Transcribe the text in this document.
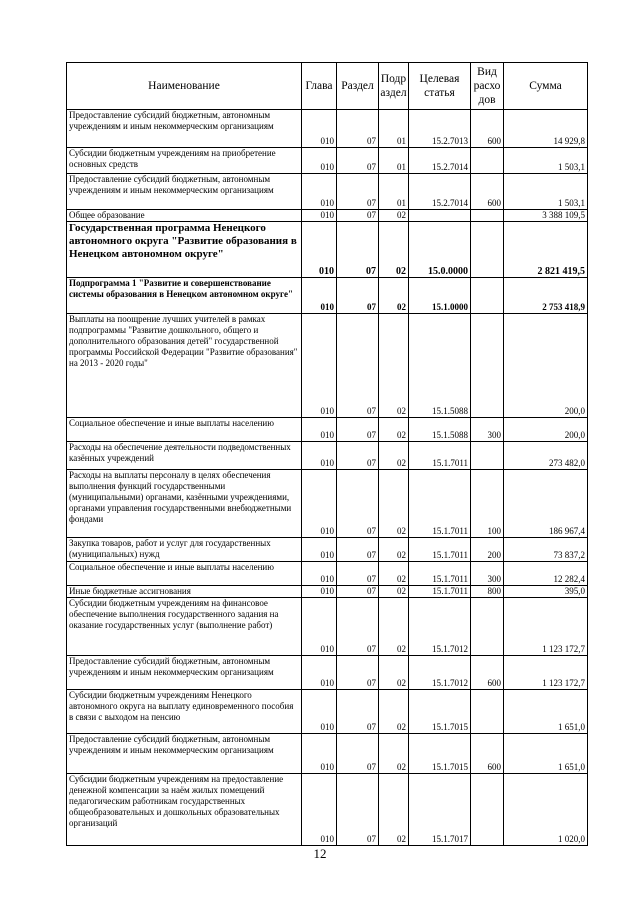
Наименование	Глава	Раздел	Подр аздел	Целевая статья	Вид расхо дов	Сумма
Предоставление субсидий бюджетным, автономным учреждениям и иным некоммерческим организациям	010	07	01	15.2.7013	600	14 929,8
Субсидии бюджетным учреждениям на приобретение основных средств	010	07	01	15.2.7014		1 503,1
Предоставление субсидий бюджетным, автономным учреждениям и иным некоммерческим организациям	010	07	01	15.2.7014	600	1 503,1
Общее образование	010	07	02			3 388 109,5
Государственная программа Ненецкого автономного округа "Развитие образования в Ненецком автономном округе"	010	07	02	15.0.0000		2 821 419,5
Подпрограмма 1 "Развитие и совершенствование системы образования в Ненецком автономном округе"	010	07	02	15.1.0000		2 753 418,9
Выплаты на поощрение лучших учителей в рамках подпрограммы "Развитие дошкольного, общего и дополнительного образования детей" государственной программы Российской Федерации "Развитие образования" на 2013 - 2020 годы"	010	07	02	15.1.5088		200,0
Социальное обеспечение и иные выплаты населению	010	07	02	15.1.5088	300	200,0
Расходы на обеспечение деятельности подведомственных казённых учреждений	010	07	02	15.1.7011		273 482,0
Расходы на выплаты персоналу в целях обеспечения выполнения функций государственными (муниципальными) органами, казёнными учреждениями, органами управления государственными внебюджетными фондами	010	07	02	15.1.7011	100	186 967,4
Закупка товаров, работ и услуг для государственных (муниципальных) нужд	010	07	02	15.1.7011	200	73 837,2
Социальное обеспечение и иные выплаты населению	010	07	02	15.1.7011	300	12 282,4
Иные бюджетные ассигнования	010	07	02	15.1.7011	800	395,0
Субсидии бюджетным учреждениям на финансовое обеспечение выполнения государственного задания на оказание государственных услуг (выполнение работ)	010	07	02	15.1.7012		1 123 172,7
Предоставление субсидий бюджетным, автономным учреждениям и иным некоммерческим организациям	010	07	02	15.1.7012	600	1 123 172,7
Субсидии бюджетным учреждениям Ненецкого автономного округа на выплату единовременного пособия в связи с выходом на пенсию	010	07	02	15.1.7015		1 651,0
Предоставление субсидий бюджетным, автономным учреждениям и иным некоммерческим организациям	010	07	02	15.1.7015	600	1 651,0
Субсидии бюджетным учреждениям на предоставление денежной компенсации за наём жилых помещений педагогическим работникам государственных общеобразовательных и дошкольных образовательных организаций	010	07	02	15.1.7017		1 020,0
12
